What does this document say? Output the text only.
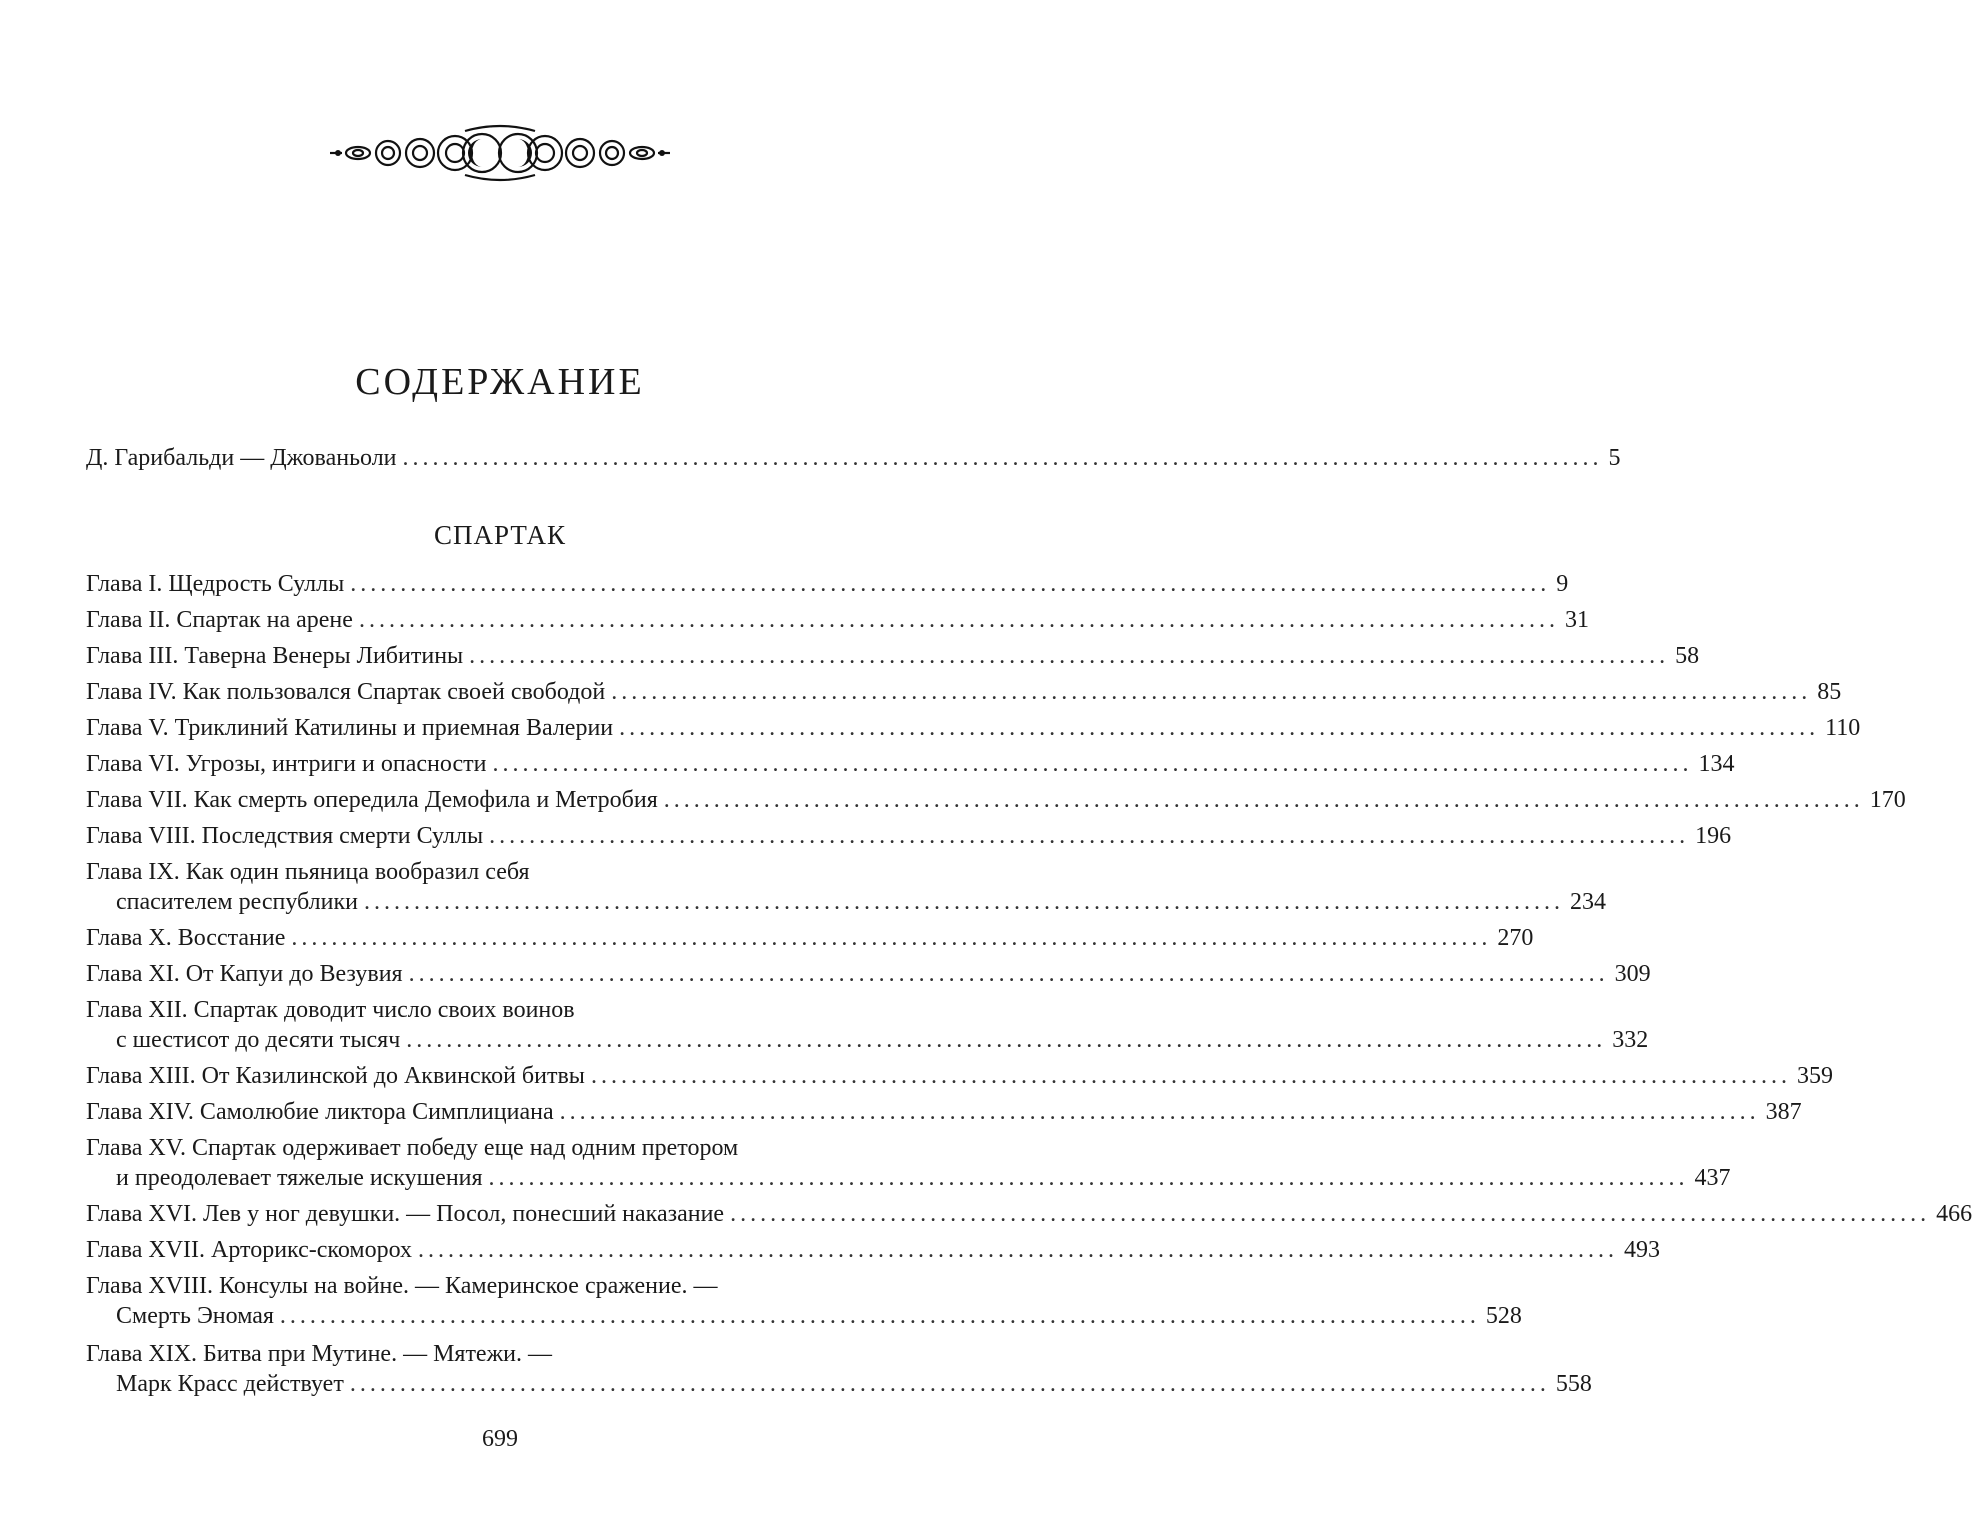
СОДЕРЖАНИЕ
Д. Гарибальди — Джованьоли ........................................................................................................................ 5
СПАРТАК
Глава I. Щедрость Суллы ........................................................................................................................ 9
Глава II. Спартак на арене ........................................................................................................................ 31
Глава III. Таверна Венеры Либитины ........................................................................................................................ 58
Глава IV. Как пользовался Спартак своей свободой ........................................................................................................................ 85
Глава V. Триклиний Катилины и приемная Валерии ........................................................................................................................ 110
Глава VI. Угрозы, интриги и опасности ........................................................................................................................ 134
Глава VII. Как смерть опередила Демофила и Метробия ........................................................................................................................ 170
Глава VIII. Последствия смерти Суллы ........................................................................................................................ 196
Глава IX. Как один пьяница вообразил себя
спасителем республики ........................................................................................................................ 234
Глава X. Восстание ........................................................................................................................ 270
Глава XI. От Капуи до Везувия ........................................................................................................................ 309
Глава XII. Спартак доводит число своих воинов
с шестисот до десяти тысяч ........................................................................................................................ 332
Глава XIII. От Казилинской до Аквинской битвы ........................................................................................................................ 359
Глава XIV. Самолюбие ликтора Симплициана ........................................................................................................................ 387
Глава XV. Спартак одерживает победу еще над одним претором
и преодолевает тяжелые искушения ........................................................................................................................ 437
Глава XVI. Лев у ног девушки. — Посол, понесший наказание ........................................................................................................................ 466
Глава XVII. Арторикс-скоморох ........................................................................................................................ 493
Глава XVIII. Консулы на войне. — Камеринское сражение. —
Смерть Эномая ........................................................................................................................ 528
Глава XIX. Битва при Мутине. — Мятежи. —
Марк Красс действует ........................................................................................................................ 558
699
